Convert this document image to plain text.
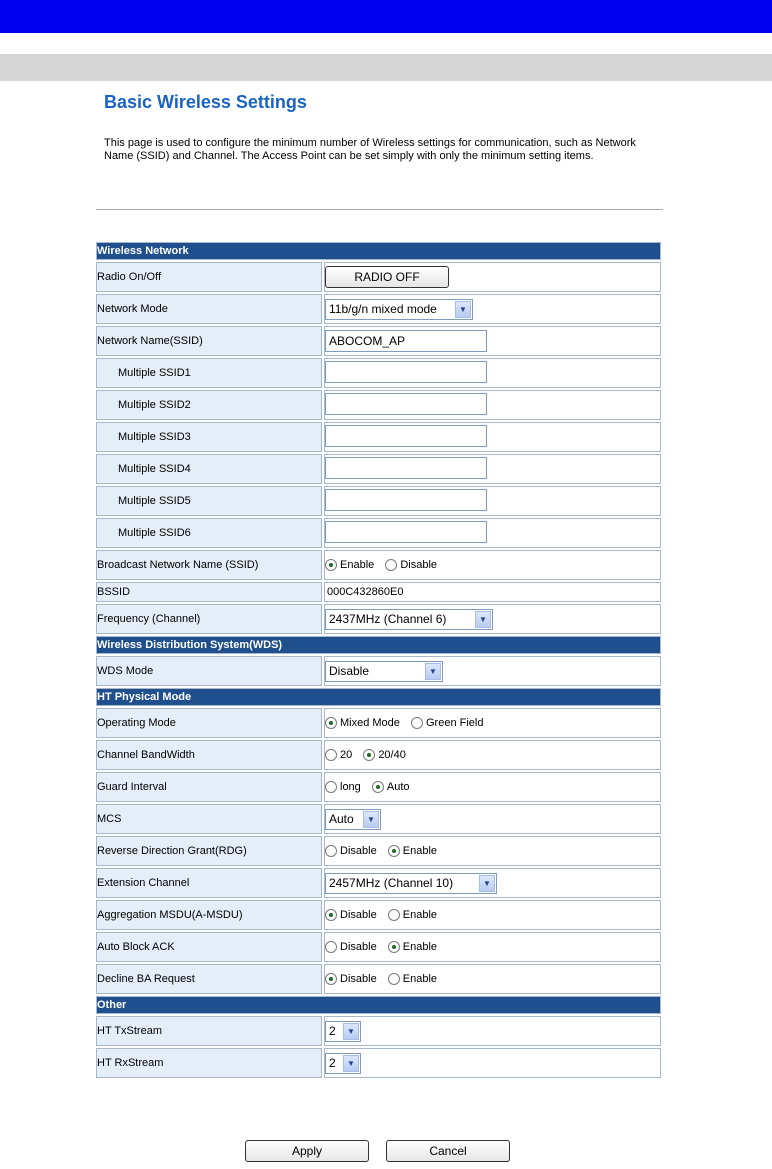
Basic Wireless Settings

This page is used to configure the minimum number of Wireless settings for communication, such as Network Name (SSID) and Channel. The Access Point can be set simply with only the minimum setting items.

Wireless Network	
Radio On/Off	RADIO OFF
Network Mode	11b/g/n mixed mode ▼

Network Name(SSID)	ABOCOM_AP
Multiple SSID1	
Multiple SSID2	
Multiple SSID3	
Multiple SSID4	
Multiple SSID5	
Multiple SSID6	
Broadcast Network Name (SSID)	Enable Disable
BSSID	000C432860E0
Frequency (Channel)	2437MHz (Channel 6) ▼

Wireless Distribution System(WDS)	
WDS Mode	Disable ▼

HT Physical Mode	
Operating Mode	Mixed Mode Green Field
Channel BandWidth	20 20/40
Guard Interval	long Auto
MCS	Auto ▼

Reverse Direction Grant(RDG)	Disable Enable
Extension Channel	2457MHz (Channel 10) ▼

Aggregation MSDU(A-MSDU)	Disable Enable
Auto Block ACK	Disable Enable
Decline BA Request	Disable Enable
Other	
HT TxStream	2 ▼

HT RxStream	2 ▼
Apply	Cancel
